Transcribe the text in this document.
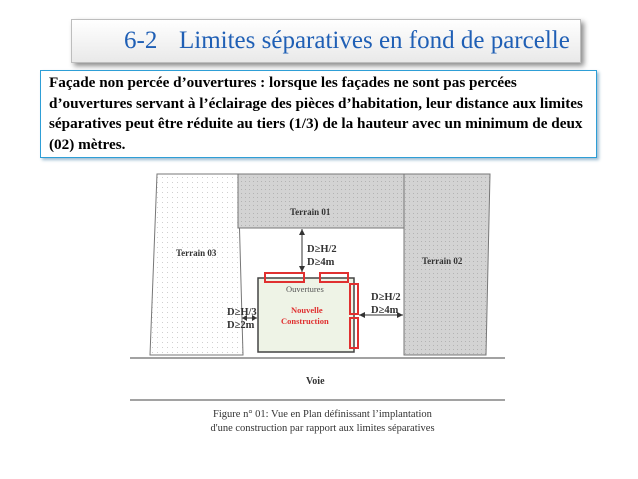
6-2 Limites séparatives en fond de parcelle

Façade non percée d’ouvertures : lorsque les façades ne sont pas percées
d’ouvertures servant à l’éclairage des pièces d’habitation, leur distance aux limites
séparatives peut être réduite au tiers (1/3) de la hauteur avec un minimum de deux
(02) mètres.

Terrain 01
Terrain 02
Terrain 03	D≥H/2
D≥4m
D≥H/2
D≥4m
D≥H/3
D≥2m
Ouvertures
Nouvelle
Construction
Voie
Figure n° 01: Vue en Plan définissant l’implantation
d'une construction par rapport aux limites séparatives
